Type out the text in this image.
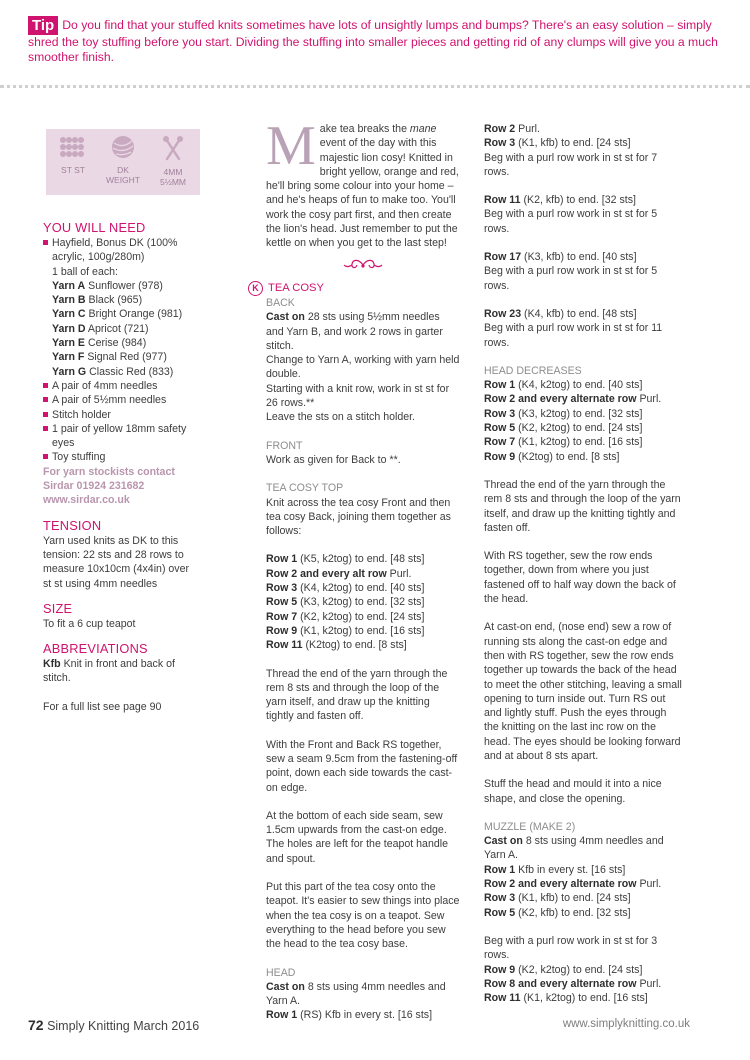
Tip Do you find that your stuffed knits sometimes have lots of unsightly lumps and bumps? There's an easy solution – simply shred the toy stuffing before you start. Dividing the stuffing into smaller pieces and getting rid of any clumps will give you a much smoother finish.
ST ST	DK
WEIGHT
4MM
5½MM
YOU WILL NEED
Hayfield, Bonus DK (100% acrylic, 100g/280m)
1 ball of each:
Yarn A Sunflower (978)
Yarn B Black (965)
Yarn C Bright Orange (981)
Yarn D Apricot (721)
Yarn E Cerise (984)
Yarn F Signal Red (977)
Yarn G Classic Red (833)
A pair of 4mm needles
A pair of 5½mm needles
Stitch holder
1 pair of yellow 18mm safety eyes
Toy stuffing
For yarn stockists contact Sirdar 01924 231682 www.sirdar.co.uk
TENSION
Yarn used knits as DK to this tension: 22 sts and 28 rows to measure 10x10cm (4x4in) over st st using 4mm needles
SIZE
To fit a 6 cup teapot
ABBREVIATIONS
Kfb Knit in front and back of stitch.
For a full list see page 90

Make tea breaks the mane event of the day with this majestic lion cosy! Knitted in bright yellow, orange and red, he'll bring some colour into your home – and he's heaps of fun to make too. You'll work the cosy part first, and then create the lion's head. Just remember to put the kettle on when you get to the last step!

K TEA COSY
BACK

Cast on 28 sts using 5½mm needles and Yarn B, and work 2 rows in garter stitch.

Change to Yarn A, working with yarn held double.

Starting with a knit row, work in st st for 26 rows.**

Leave the sts on a stitch holder.

FRONT

Work as given for Back to **.

TEA COSY TOP

Knit across the tea cosy Front and then tea cosy Back, joining them together as follows:

Row 1 (K5, k2tog) to end. [48 sts]

Row 2 and every alt row Purl.

Row 3 (K4, k2tog) to end. [40 sts]

Row 5 (K3, k2tog) to end. [32 sts]

Row 7 (K2, k2tog) to end. [24 sts]

Row 9 (K1, k2tog) to end. [16 sts]

Row 11 (K2tog) to end. [8 sts]

Thread the end of the yarn through the rem 8 sts and through the loop of the yarn itself, and draw up the knitting tightly and fasten off.

With the Front and Back RS together, sew a seam 9.5cm from the fastening-off point, down each side towards the cast-on edge.

At the bottom of each side seam, sew 1.5cm upwards from the cast-on edge. The holes are left for the teapot handle and spout.

Put this part of the tea cosy onto the teapot. It's easier to sew things into place when the tea cosy is on a teapot. Sew everything to the head before you sew the head to the tea cosy base.

HEAD

Cast on 8 sts using 4mm needles and Yarn A.

Row 1 (RS) Kfb in every st. [16 sts]

Row 2 Purl.

Row 3 (K1, kfb) to end. [24 sts]

Beg with a purl row work in st st for 7 rows.

Row 11 (K2, kfb) to end. [32 sts]

Beg with a purl row work in st st for 5 rows.

Row 17 (K3, kfb) to end. [40 sts]

Beg with a purl row work in st st for 5 rows.

Row 23 (K4, kfb) to end. [48 sts]

Beg with a purl row work in st st for 11 rows.

HEAD DECREASES

Row 1 (K4, k2tog) to end. [40 sts]

Row 2 and every alternate row Purl.

Row 3 (K3, k2tog) to end. [32 sts]

Row 5 (K2, k2tog) to end. [24 sts]

Row 7 (K1, k2tog) to end. [16 sts]

Row 9 (K2tog) to end. [8 sts]

Thread the end of the yarn through the rem 8 sts and through the loop of the yarn itself, and draw up the knitting tightly and fasten off.

With RS together, sew the row ends together, down from where you just fastened off to half way down the back of the head.

At cast-on end, (nose end) sew a row of running sts along the cast-on edge and then with RS together, sew the row ends together up towards the back of the head to meet the other stitching, leaving a small opening to turn inside out. Turn RS out and lightly stuff. Push the eyes through the knitting on the last inc row on the head. The eyes should be looking forward and at about 8 sts apart.

Stuff the head and mould it into a nice shape, and close the opening.

MUZZLE (MAKE 2)

Cast on 8 sts using 4mm needles and Yarn A.

Row 1 Kfb in every st. [16 sts]

Row 2 and every alternate row Purl.

Row 3 (K1, kfb) to end. [24 sts]

Row 5 (K2, kfb) to end. [32 sts]

Beg with a purl row work in st st for 3 rows.

Row 9 (K2, k2tog) to end. [24 sts]

Row 8 and every alternate row Purl.

Row 11 (K1, k2tog) to end. [16 sts]

72 Simply Knitting March 2016	www.simplyknitting.co.uk
